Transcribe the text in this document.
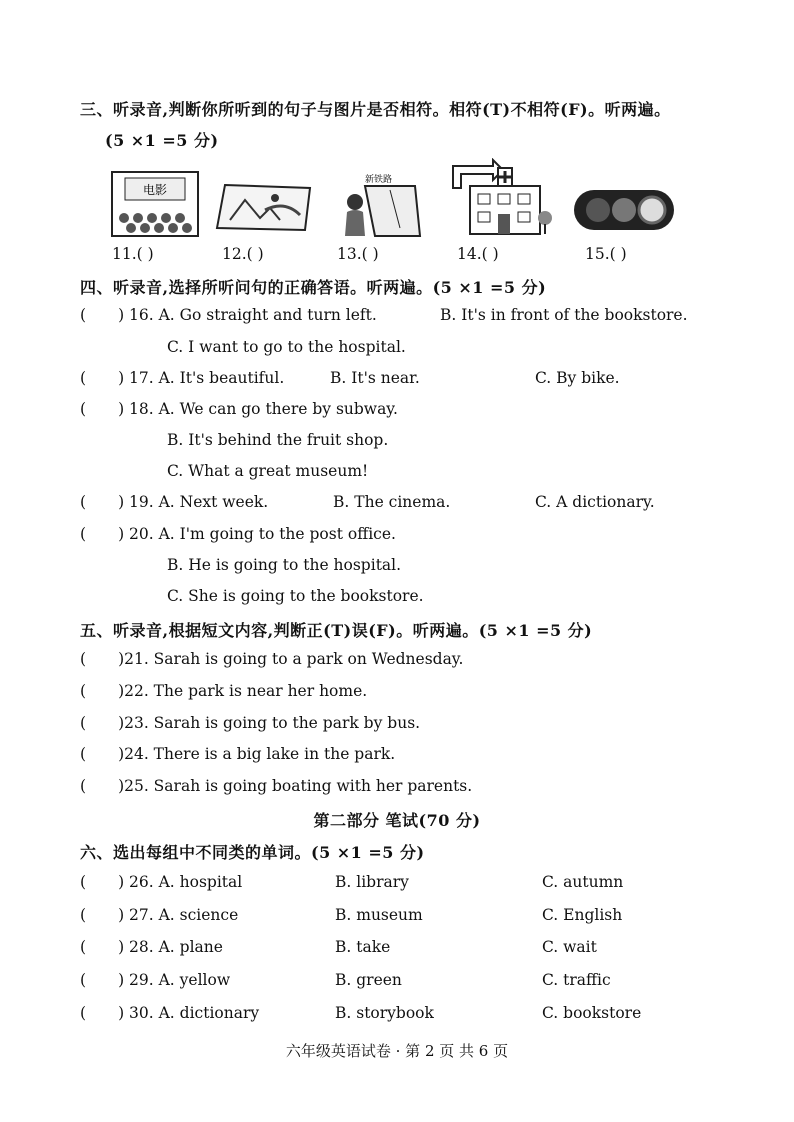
三、听录音,判断你所听到的句子与图片是否相符。相符(T)不相符(F)。听两遍。
(5 ×1 =5 分)
电影
新铁路
11.( )	12.( )	13.( )	14.( )	15.( )
四、听录音,选择所听问句的正确答语。听两遍。(5 ×1 =5 分)
( ) 16. A. Go straight and turn left.	B. It's in front of the bookstore.
C. I want to go to the hospital.
( ) 17. A. It's beautiful.	B. It's near.	C. By bike.
( ) 18. A. We can go there by subway.
B. It's behind the fruit shop.
C. What a great museum!
( ) 19. A. Next week.	B. The cinema.	C. A dictionary.
( ) 20. A. I'm going to the post office.
B. He is going to the hospital.
C. She is going to the bookstore.
五、听录音,根据短文内容,判断正(T)误(F)。听两遍。(5 ×1 =5 分)
( )21. Sarah is going to a park on Wednesday.
( )22. The park is near her home.
( )23. Sarah is going to the park by bus.
( )24. There is a big lake in the park.
( )25. Sarah is going boating with her parents.
第二部分 笔试(70 分)
六、选出每组中不同类的单词。(5 ×1 =5 分)
( ) 26. A. hospital	B. library	C. autumn
( ) 27. A. science	B. museum	C. English
( ) 28. A. plane	B. take	C. wait
( ) 29. A. yellow	B. green	C. traffic
( ) 30. A. dictionary	B. storybook	C. bookstore
六年级英语试卷 · 第 2 页 共 6 页
